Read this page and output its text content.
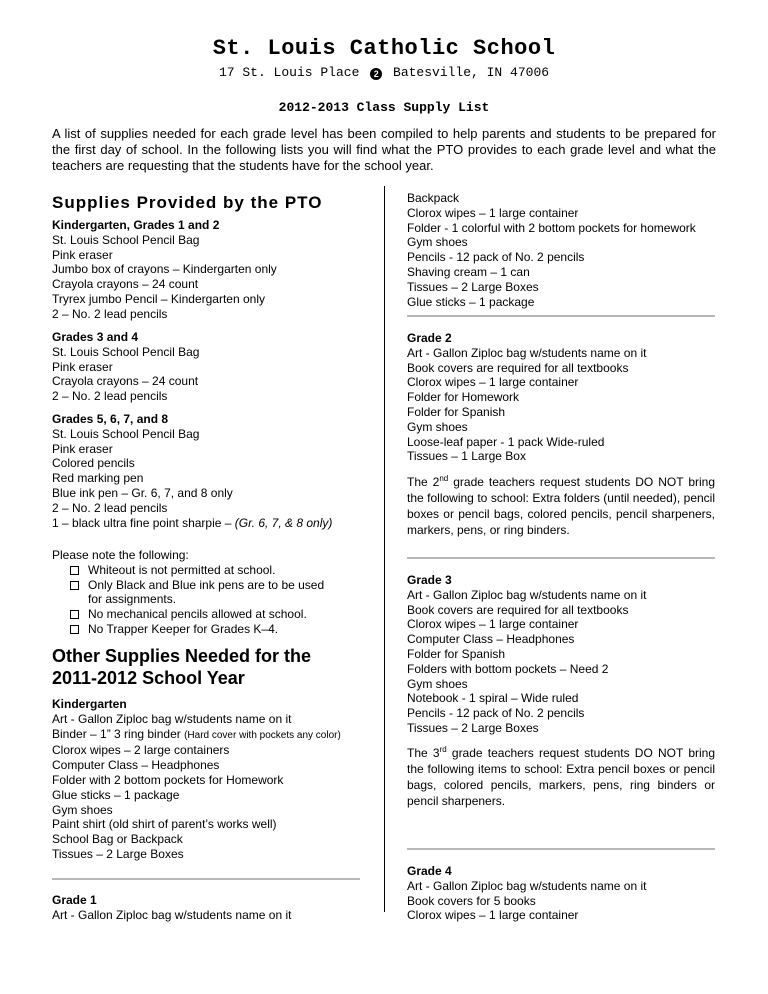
St. Louis Catholic School
17 St. Louis Place 2 Batesville, IN 47006
2012-2013 Class Supply List
A list of supplies needed for each grade level has been compiled to help parents and students to be prepared for the first day of school. In the following lists you will find what the PTO provides to each grade level and what the teachers are requesting that the students have for the school year.
Supplies Provided by the PTO
Kindergarten, Grades 1 and 2
St. Louis School Pencil Bag
Pink eraser
Jumbo box of crayons – Kindergarten only
Crayola crayons – 24 count
Tryrex jumbo Pencil – Kindergarten only
2 – No. 2 lead pencils
Grades 3 and 4
St. Louis School Pencil Bag
Pink eraser
Crayola crayons – 24 count
2 – No. 2 lead pencils
Grades 5, 6, 7, and 8
St. Louis School Pencil Bag
Pink eraser
Colored pencils
Red marking pen
Blue ink pen – Gr. 6, 7, and 8 only
2 – No. 2 lead pencils
1 – black ultra fine point sharpie – (Gr. 6, 7, & 8 only)
Please note the following:
Whiteout is not permitted at school.
Only Black and Blue ink pens are to be used
for assignments.
No mechanical pencils allowed at school.
No Trapper Keeper for Grades K–4.
Other Supplies Needed for the
2011-2012 School Year
Kindergarten
Art - Gallon Ziploc bag w/students name on it
Binder – 1” 3 ring binder (Hard cover with pockets any color)
Clorox wipes – 2 large containers
Computer Class – Headphones
Folder with 2 bottom pockets for Homework
Glue sticks – 1 package
Gym shoes
Paint shirt (old shirt of parent’s works well)
School Bag or Backpack
Tissues – 2 Large Boxes
Grade 1
Art - Gallon Ziploc bag w/students name on it
Backpack
Clorox wipes – 1 large container
Folder - 1 colorful with 2 bottom pockets for homework
Gym shoes
Pencils - 12 pack of No. 2 pencils
Shaving cream – 1 can
Tissues – 2 Large Boxes
Glue sticks – 1 package
Grade 2
Art - Gallon Ziploc bag w/students name on it
Book covers are required for all textbooks
Clorox wipes – 1 large container
Folder for Homework
Folder for Spanish
Gym shoes
Loose-leaf paper - 1 pack Wide-ruled
Tissues – 1 Large Box
The 2nd grade teachers request students DO NOT bring the following to school: Extra folders (until needed), pencil boxes or pencil bags, colored pencils, pencil sharpeners, markers, pens, or ring binders.
Grade 3
Art - Gallon Ziploc bag w/students name on it
Book covers are required for all textbooks
Clorox wipes – 1 large container
Computer Class – Headphones
Folder for Spanish
Folders with bottom pockets – Need 2
Gym shoes
Notebook - 1 spiral – Wide ruled
Pencils - 12 pack of No. 2 pencils
Tissues – 2 Large Boxes
The 3rd grade teachers request students DO NOT bring the following items to school: Extra pencil boxes or pencil bags, colored pencils, markers, pens, ring binders or pencil sharpeners.
Grade 4
Art - Gallon Ziploc bag w/students name on it
Book covers for 5 books
Clorox wipes – 1 large container
